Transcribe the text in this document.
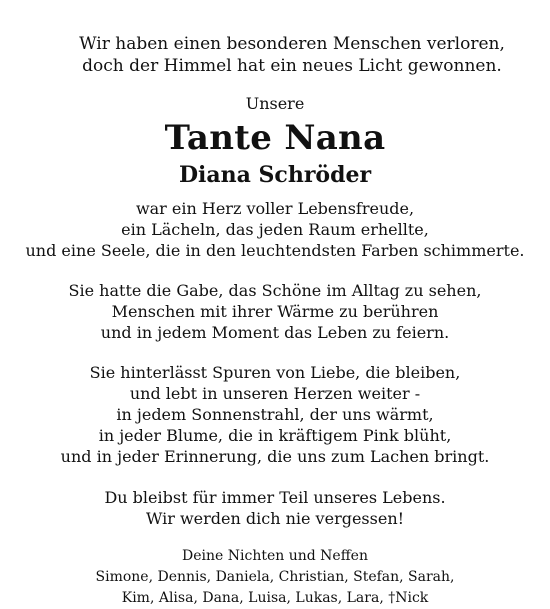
Wir haben einen besonderen Menschen verloren,
doch der Himmel hat ein neues Licht gewonnen.
Unsere
Tante Nana
Diana Schröder
war ein Herz voller Lebensfreude,
ein Lächeln, das jeden Raum erhellte,
und eine Seele, die in den leuchtendsten Farben schimmerte.
Sie hatte die Gabe, das Schöne im Alltag zu sehen,
Menschen mit ihrer Wärme zu berühren
und in jedem Moment das Leben zu feiern.
Sie hinterlässt Spuren von Liebe, die bleiben,
und lebt in unseren Herzen weiter -
in jedem Sonnenstrahl, der uns wärmt,
in jeder Blume, die in kräftigem Pink blüht,
und in jeder Erinnerung, die uns zum Lachen bringt.
Du bleibst für immer Teil unseres Lebens.
Wir werden dich nie vergessen!
Deine Nichten und Neffen
Simone, Dennis, Daniela, Christian, Stefan, Sarah,
Kim, Alisa, Dana, Luisa, Lukas, Lara, †Nick
